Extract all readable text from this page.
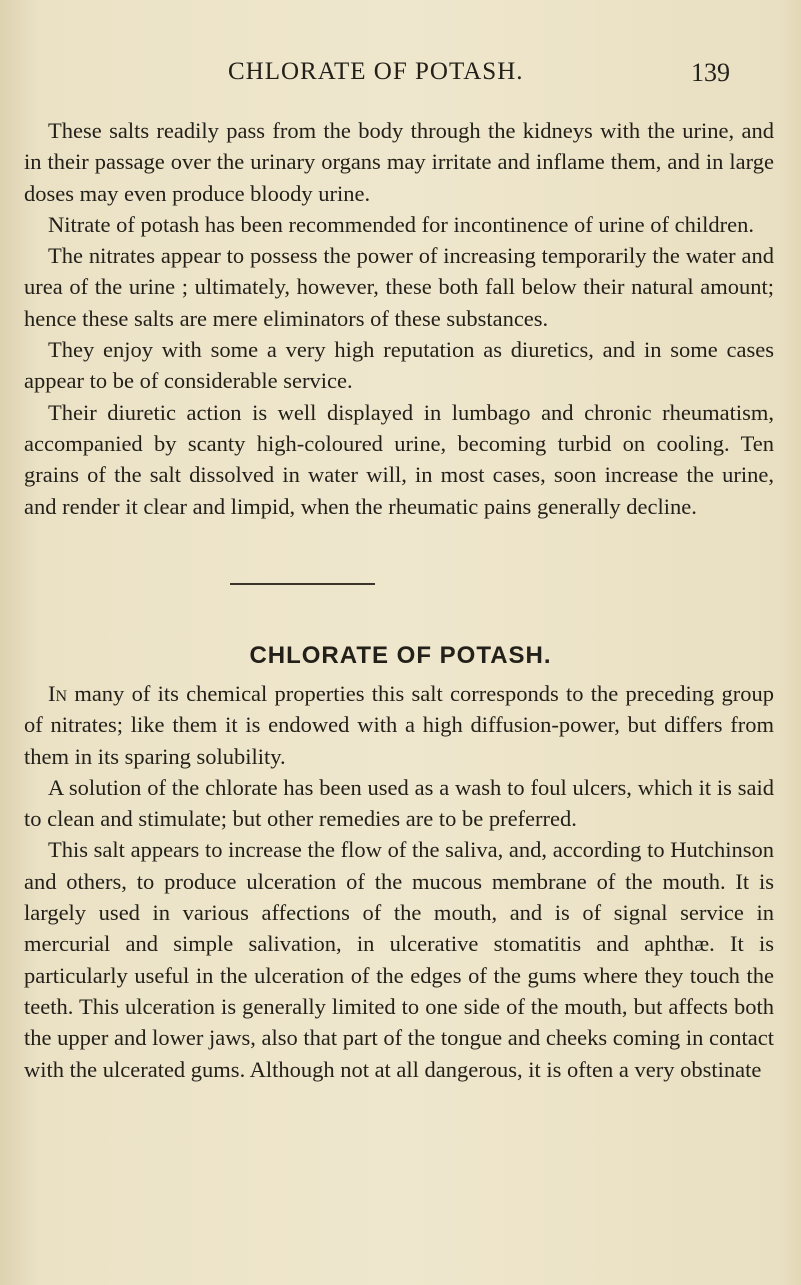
CHLORATE OF POTASH.	139

These salts readily pass from the body through the kidneys with the urine, and in their passage over the urinary organs may irritate and inflame them, and in large doses may even produce bloody urine.

Nitrate of potash has been recommended for incontinence of urine of children.

The nitrates appear to possess the power of increasing temporarily the water and urea of the urine ; ultimately, however, these both fall below their natural amount; hence these salts are mere eliminators of these substances.

They enjoy with some a very high reputation as diuretics, and in some cases appear to be of considerable service.

Their diuretic action is well displayed in lumbago and chronic rheumatism, accompanied by scanty high-coloured urine, becoming turbid on cooling. Ten grains of the salt dissolved in water will, in most cases, soon increase the urine, and render it clear and limpid, when the rheumatic pains generally decline.

CHLORATE OF POTASH.

In many of its chemical properties this salt corresponds to the preceding group of nitrates; like them it is endowed with a high diffusion-power, but differs from them in its sparing solubility.

A solution of the chlorate has been used as a wash to foul ulcers, which it is said to clean and stimulate; but other remedies are to be preferred.

This salt appears to increase the flow of the saliva, and, according to Hutchinson and others, to produce ulceration of the mucous membrane of the mouth. It is largely used in various affections of the mouth, and is of signal service in mercurial and simple salivation, in ulcerative stomatitis and aphthæ. It is particularly useful in the ulceration of the edges of the gums where they touch the teeth. This ulceration is generally limited to one side of the mouth, but affects both the upper and lower jaws, also that part of the tongue and cheeks coming in contact with the ulcerated gums. Although not at all dangerous, it is often a very obstinate
